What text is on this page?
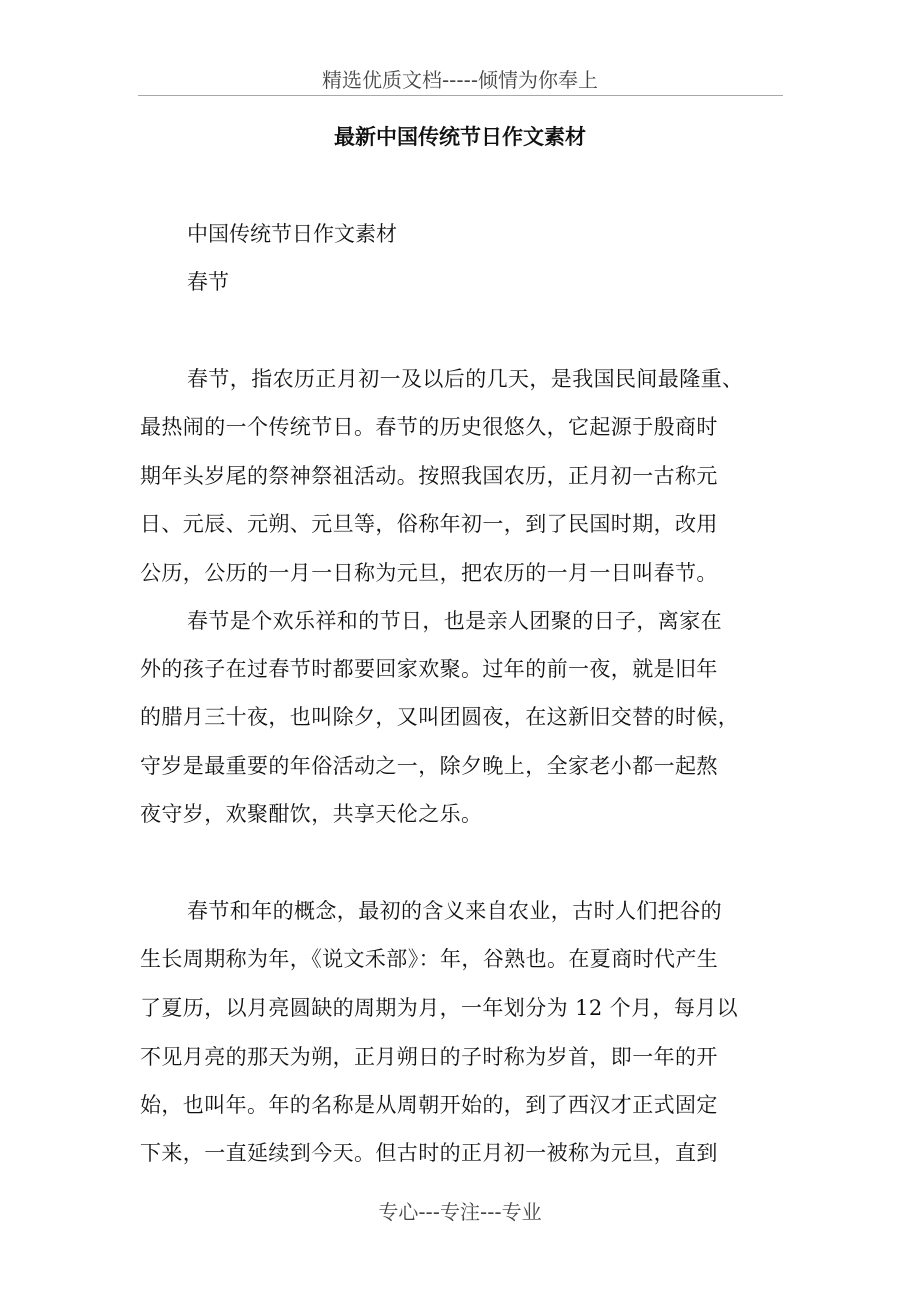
精选优质文档-----倾情为你奉上
最新中国传统节日作文素材
中国传统节日作文素材
春节
春节，指农历正月初一及以后的几天，是我国民间最隆重、
最热闹的一个传统节日。春节的历史很悠久，它起源于殷商时
期年头岁尾的祭神祭祖活动。按照我国农历，正月初一古称元
日、元辰、元朔、元旦等，俗称年初一，到了民国时期，改用
公历，公历的一月一日称为元旦，把农历的一月一日叫春节。
春节是个欢乐祥和的节日，也是亲人团聚的日子，离家在
外的孩子在过春节时都要回家欢聚。过年的前一夜，就是旧年
的腊月三十夜，也叫除夕，又叫团圆夜，在这新旧交替的时候，
守岁是最重要的年俗活动之一，除夕晚上，全家老小都一起熬
夜守岁，欢聚酣饮，共享天伦之乐。
春节和年的概念，最初的含义来自农业，古时人们把谷的
生长周期称为年，《说文禾部》：年，谷熟也。在夏商时代产生
了夏历，以月亮圆缺的周期为月，一年划分为 12 个月，每月以
不见月亮的那天为朔，正月朔日的子时称为岁首，即一年的开
始，也叫年。年的名称是从周朝开始的，到了西汉才正式固定
下来，一直延续到今天。但古时的正月初一被称为元旦，直到
专心---专注---专业
